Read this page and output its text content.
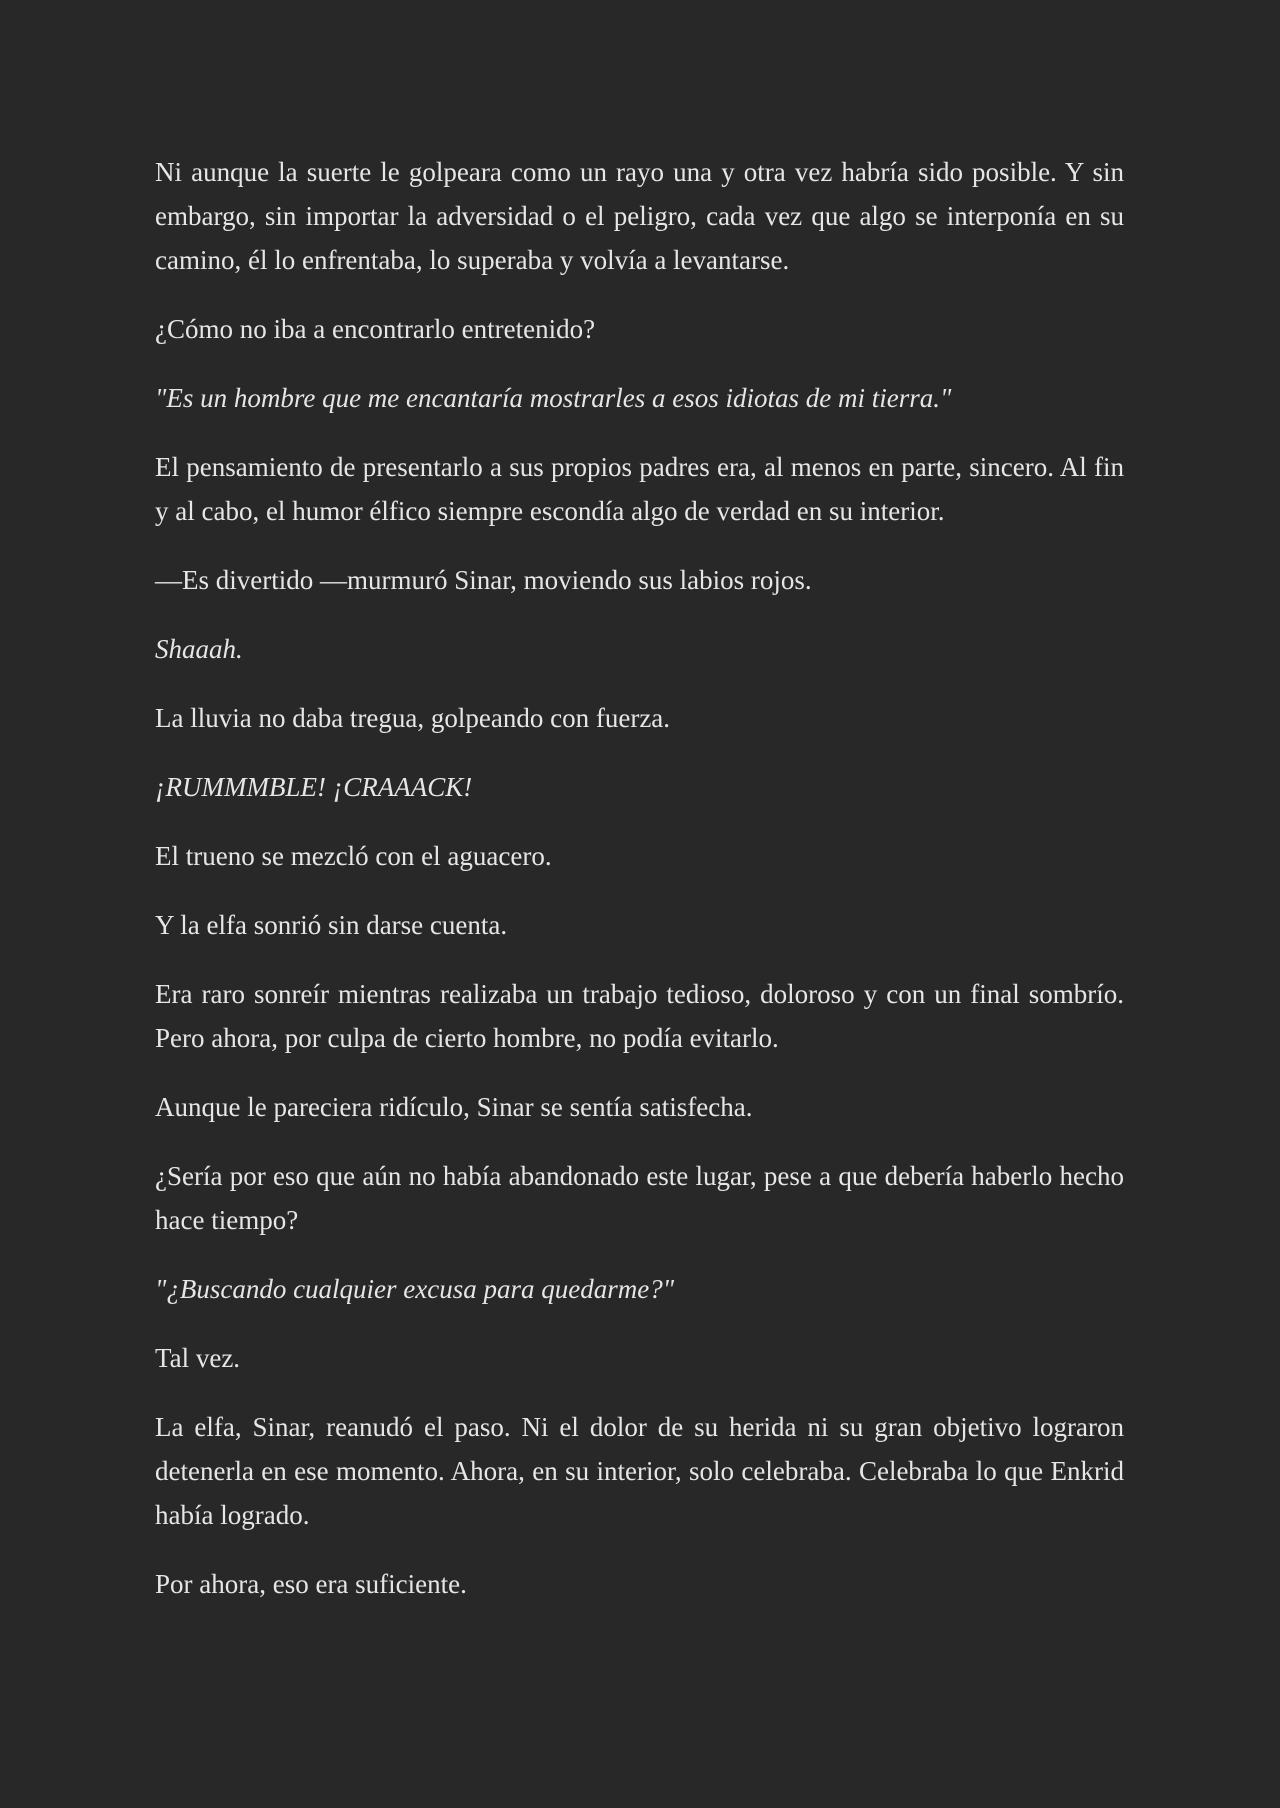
Ni aunque la suerte le golpeara como un rayo una y otra vez habría sido posible. Y sin embargo, sin importar la adversidad o el peligro, cada vez que algo se interponía en su camino, él lo enfrentaba, lo superaba y volvía a levantarse.

¿Cómo no iba a encontrarlo entretenido?

"Es un hombre que me encantaría mostrarles a esos idiotas de mi tierra."

El pensamiento de presentarlo a sus propios padres era, al menos en parte, sincero. Al fin y al cabo, el humor élfico siempre escondía algo de verdad en su interior.

—Es divertido —murmuró Sinar, moviendo sus labios rojos.

Shaaah.

La lluvia no daba tregua, golpeando con fuerza.

¡RUMMMBLE! ¡CRAAACK!

El trueno se mezcló con el aguacero.

Y la elfa sonrió sin darse cuenta.

Era raro sonreír mientras realizaba un trabajo tedioso, doloroso y con un final sombrío. Pero ahora, por culpa de cierto hombre, no podía evitarlo.

Aunque le pareciera ridículo, Sinar se sentía satisfecha.

¿Sería por eso que aún no había abandonado este lugar, pese a que debería haberlo hecho hace tiempo?

"¿Buscando cualquier excusa para quedarme?"

Tal vez.

La elfa, Sinar, reanudó el paso. Ni el dolor de su herida ni su gran objetivo lograron detenerla en ese momento. Ahora, en su interior, solo celebraba. Celebraba lo que Enkrid había logrado.

Por ahora, eso era suficiente.
